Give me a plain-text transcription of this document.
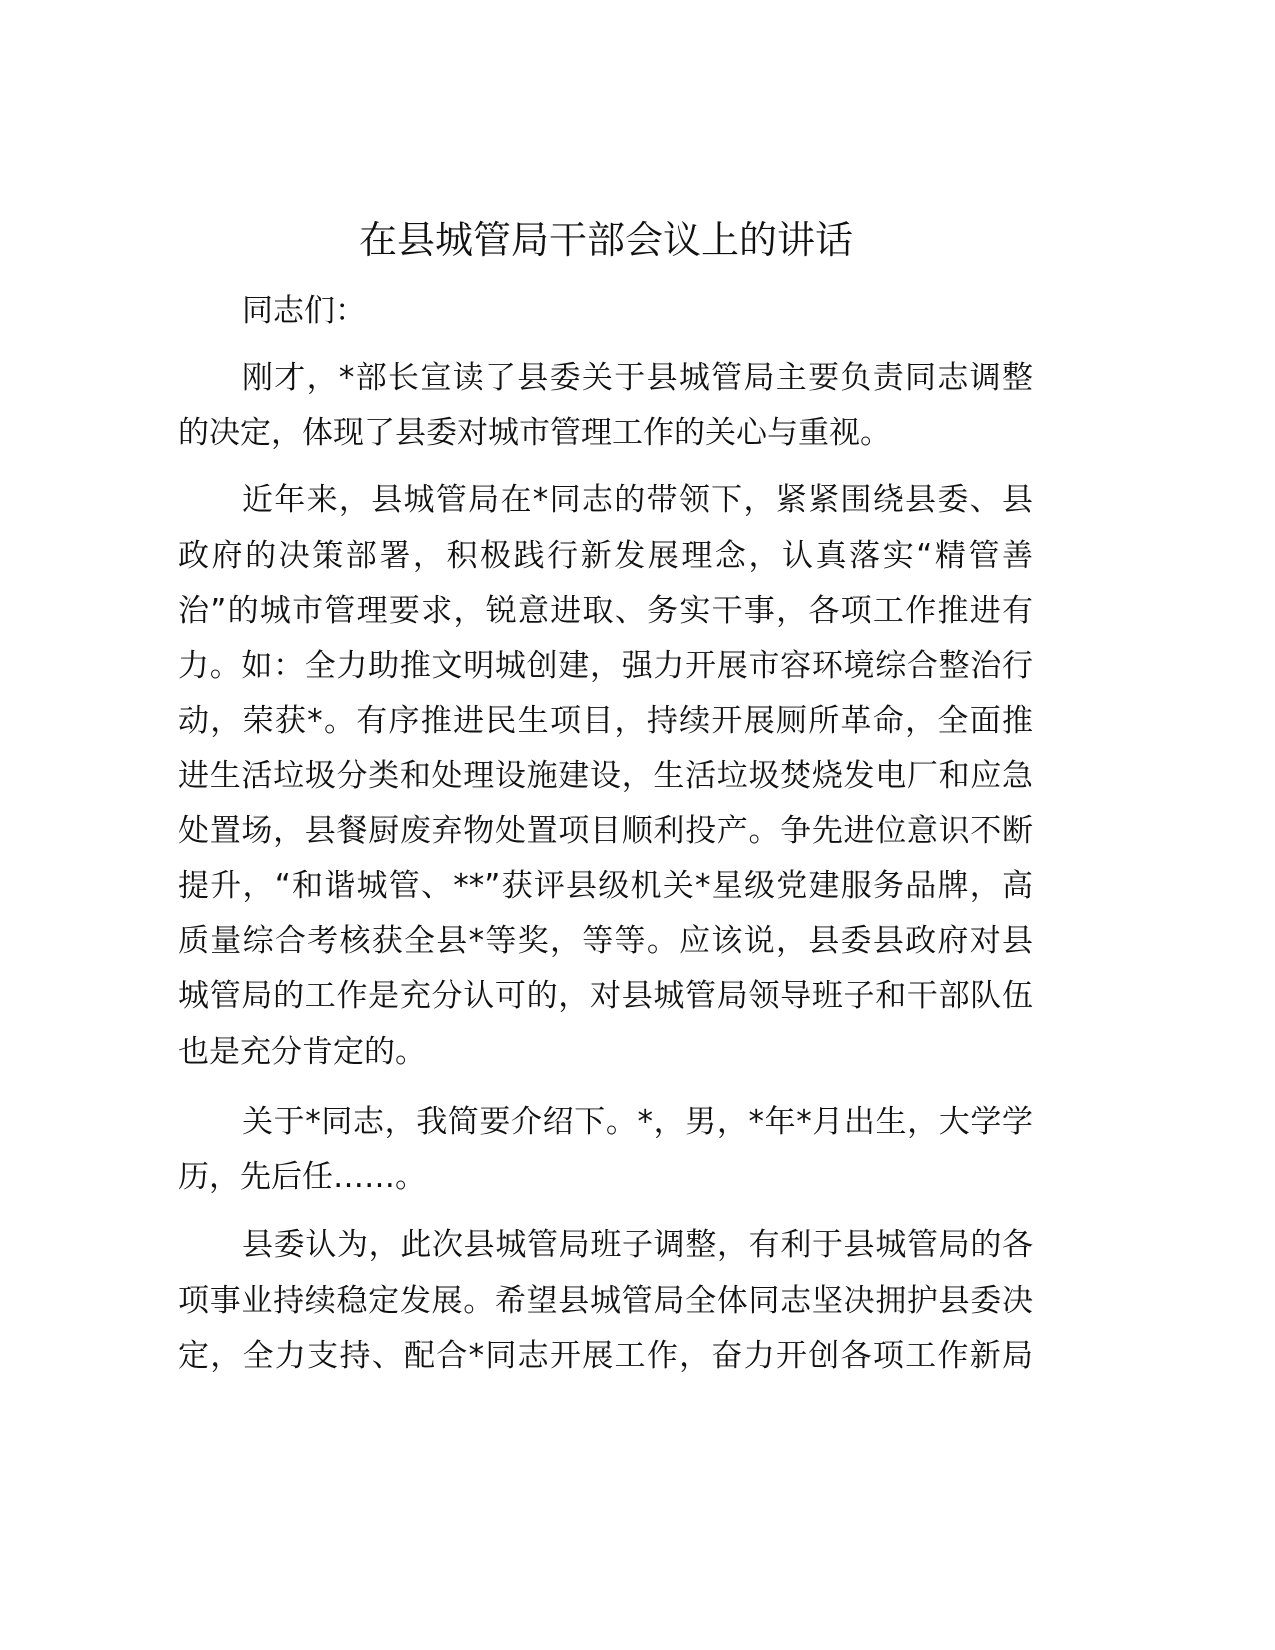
在县城管局干部会议上的讲话
同志们：
刚才，*部长宣读了县委关于县城管局主要负责同志调整
的决定，体现了县委对城市管理工作的关心与重视。
近年来，县城管局在*同志的带领下，紧紧围绕县委、县
政府的决策部署，积极践行新发展理念，认真落实“精管善
治”的城市管理要求，锐意进取、务实干事，各项工作推进有
力。如：全力助推文明城创建，强力开展市容环境综合整治行
动，荣获*。有序推进民生项目，持续开展厕所革命，全面推
进生活垃圾分类和处理设施建设，生活垃圾焚烧发电厂和应急
处置场，县餐厨废弃物处置项目顺利投产。争先进位意识不断
提升，“和谐城管、**”获评县级机关*星级党建服务品牌，高
质量综合考核获全县*等奖，等等。应该说，县委县政府对县
城管局的工作是充分认可的，对县城管局领导班子和干部队伍
也是充分肯定的。
关于*同志，我简要介绍下。*，男，*年*月出生，大学学
历，先后任……。
县委认为，此次县城管局班子调整，有利于县城管局的各
项事业持续稳定发展。希望县城管局全体同志坚决拥护县委决
定，全力支持、配合*同志开展工作，奋力开创各项工作新局
